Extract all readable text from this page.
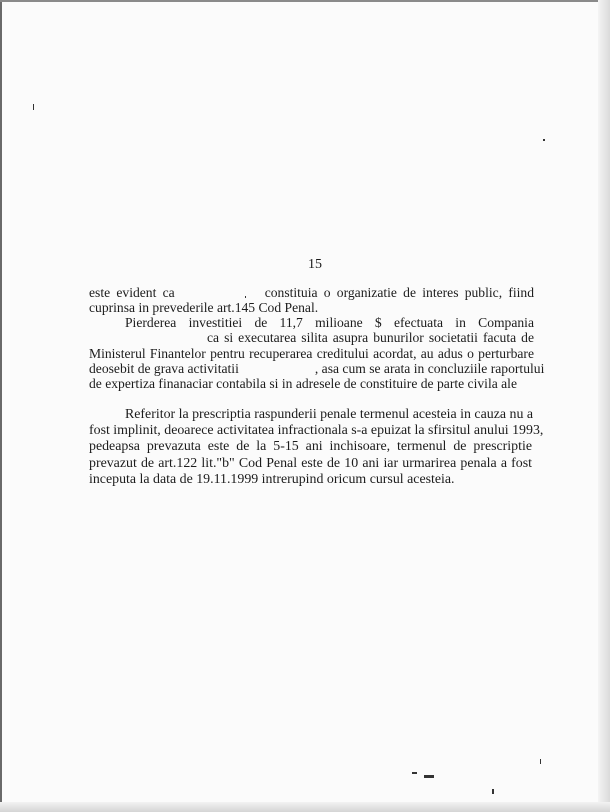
15
este evident ca	constituia o organizatie de interes public, fiind
cuprinsa in prevederile art.145 Cod Penal.
Pierderea investitiei de 11,7 milioane $ efectuata in Compania
ca si executarea silita asupra bunurilor societatii facuta de
Ministerul Finantelor pentru recuperarea creditului acordat, au adus o perturbare
deosebit de grava activitatii	, asa cum se arata in concluziile raportului
de expertiza finanaciar contabila si in adresele de constituire de parte civila ale
Referitor la prescriptia raspunderii penale termenul acesteia in cauza nu a
fost implinit, deoarece activitatea infractionala s-a epuizat la sfirsitul anului 1993,
pedeapsa prevazuta este de la 5-15 ani inchisoare, termenul de prescriptie
prevazut de art.122 lit."b" Cod Penal este de 10 ani iar urmarirea penala a fost
inceputa la data de 19.11.1999 intrerupind oricum cursul acesteia.
